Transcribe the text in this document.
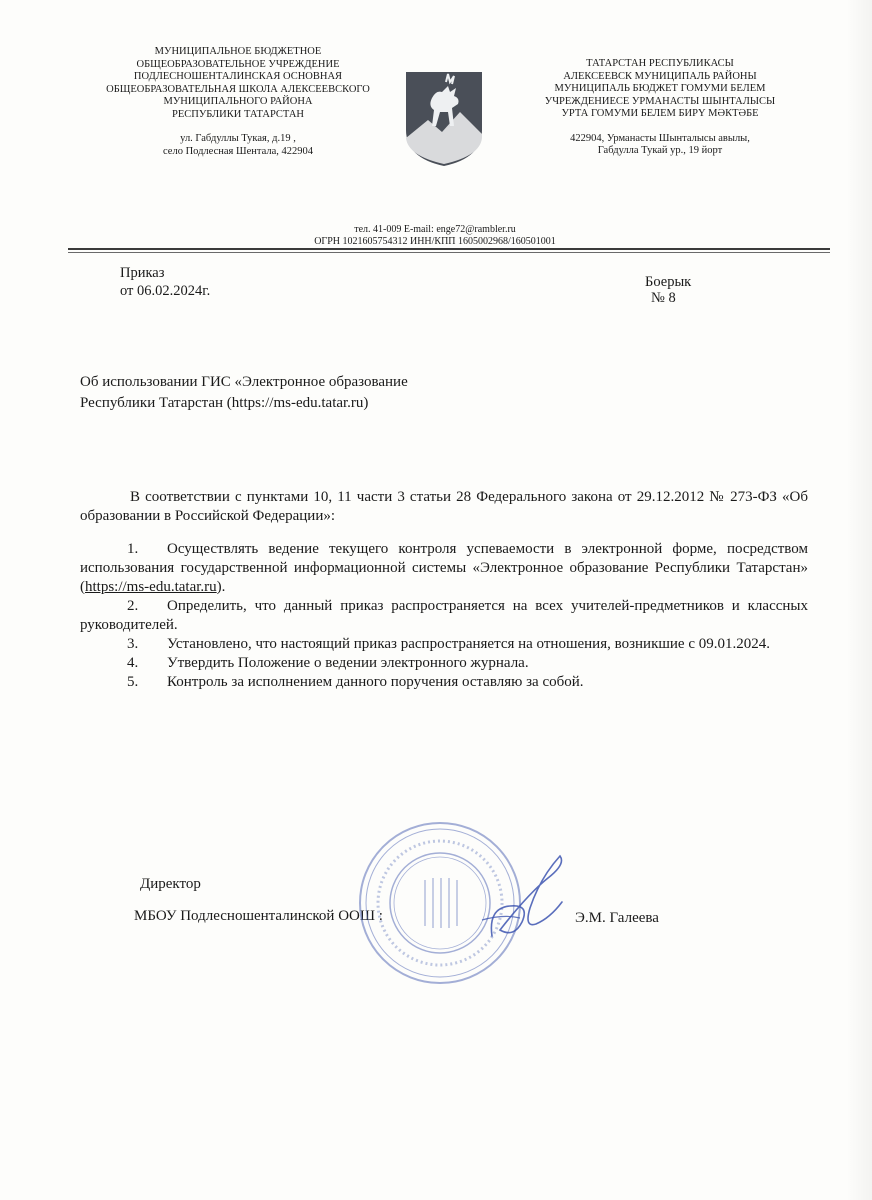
МУНИЦИПАЛЬНОЕ БЮДЖЕТНОЕ
ОБЩЕОБРАЗОВАТЕЛЬНОЕ УЧРЕЖДЕНИЕ
ПОДЛЕСНОШЕНТАЛИНСКАЯ ОСНОВНАЯ
ОБЩЕОБРАЗОВАТЕЛЬНАЯ ШКОЛА АЛЕКСЕЕВСКОГО
МУНИЦИПАЛЬНОГО РАЙОНА
РЕСПУБЛИКИ ТАТАРСТАН
ул. Габдуллы Тукая, д.19 ,
село Подлесная Шентала, 422904
ТАТАРСТАН РЕСПУБЛИКАСЫ
АЛЕКСЕЕВСК МУНИЦИПАЛЬ РАЙОНЫ
МУНИЦИПАЛЬ БЮДЖЕТ ГОМУМИ БЕЛЕМ
УЧРЕЖДЕНИЕСЕ УРМАНАСТЫ ШЫНТАЛЫСЫ
УРТА ГОМУМИ БЕЛЕМ БИРҮ МӘКТӘБЕ
422904, Урманасты Шынталысы авылы,
Габдулла Тукай ур., 19 йорт
тел. 41-009 E-mail: enge72@rambler.ru
ОГРН 1021605754312 ИНН/КПП 1605002968/160501001
Приказ
от 06.02.2024г.
Боерык
№ 8
Об использовании ГИС «Электронное образование
Республики Татарстан (https://ms-edu.tatar.ru)

В соответствии с пунктами 10, 11 части 3 статьи 28 Федерального закона от 29.12.2012 № 273-ФЗ «Об образовании в Российской Федерации»:

1. Осуществлять ведение текущего контроля успеваемости в электронной форме, посредством использования государственной информационной системы «Электронное образование Республики Татарстан» (https://ms-edu.tatar.ru).

2. Определить, что данный приказ распространяется на всех учителей-предметников и классных руководителей.

3. Установлено, что настоящий приказ распространяется на отношения, возникшие с 09.01.2024.

4. Утвердить Положение о ведении электронного журнала.

5. Контроль за исполнением данного поручения оставляю за собой.

Директор
МБОУ Подлесношенталинской ООШ :	Э.М. Галеева
